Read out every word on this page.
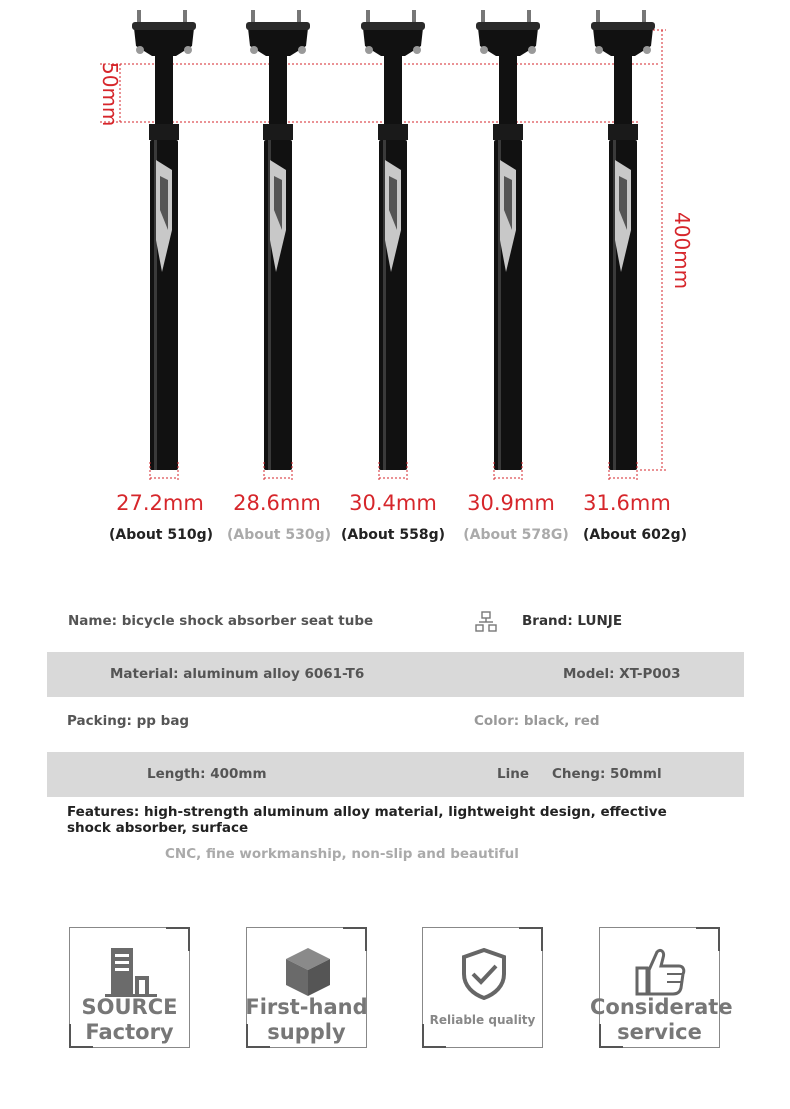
50mm
400mm
27.2mm	28.6mm	30.4mm	30.9mm	31.6mm
(About 510g) (About 530g) (About 558g)	(About 578G)	(About 602g)
Name: bicycle shock absorber seat tube	Brand: LUNJE
Material: aluminum alloy 6061-T6	Model: XT-P003
Packing: pp bag	Color: black, red
Length: 400mm	Line Cheng: 50mml
Features: high-strength aluminum alloy material, lightweight design, effective shock absorber, surface
CNC, fine workmanship, non-slip and beautiful
SOURCE
Factory
First-hand
supply	Reliable quality
Considerate
service
